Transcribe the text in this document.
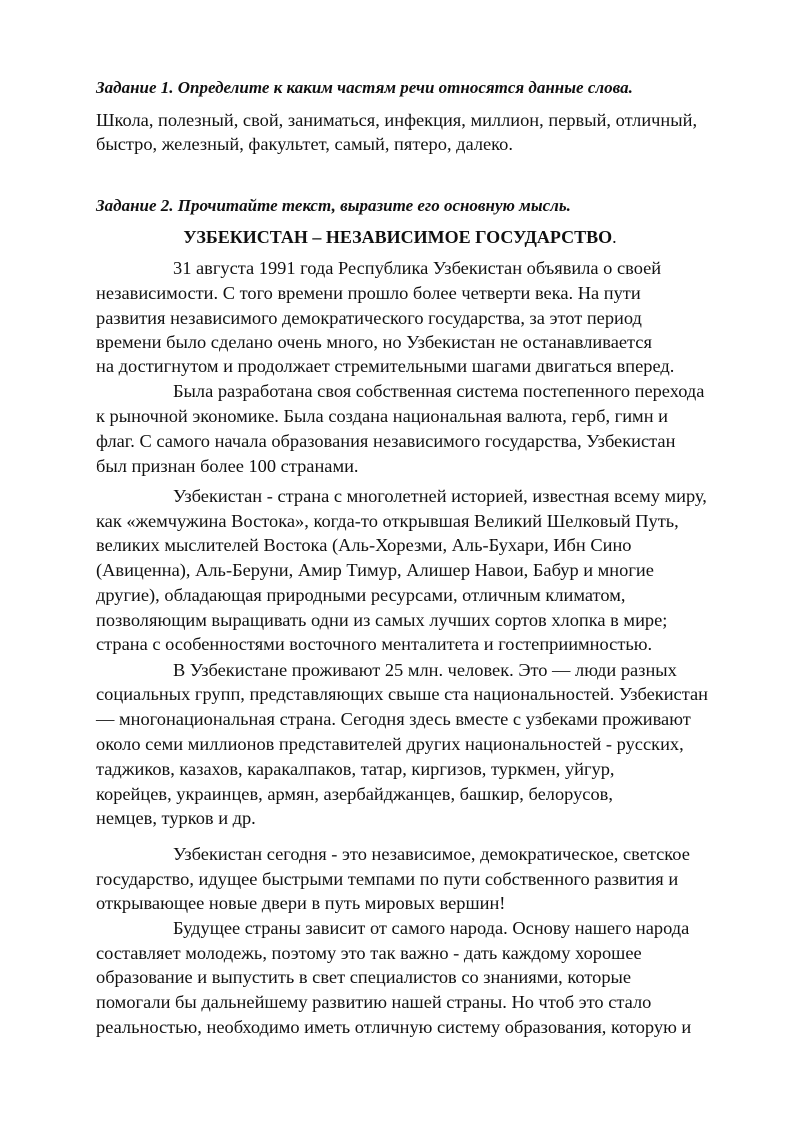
Задание 1. Определите к каким частям речи относятся данные слова.
Школа, полезный, свой, заниматься, инфекция, миллион, первый, отличный,
быстро, железный, факультет, самый, пятеро, далеко.
Задание 2. Прочитайте текст, выразите его основную мысль.
УЗБЕКИСТАН – НЕЗАВИСИМОЕ ГОСУДАРСТВО.
31 августа 1991 года Республика Узбекистан объявила о своей
независимости. С того времени прошло более четверти века. На пути
развития независимого демократического государства, за этот период
времени было сделано очень много, но Узбекистан не останавливается
на достигнутом и продолжает стремительными шагами двигаться вперед.
Была разработана своя собственная система постепенного перехода
к рыночной экономике. Была создана национальная валюта, герб, гимн и
флаг. С самого начала образования независимого государства, Узбекистан
был признан более 100 странами.
Узбекистан - страна с многолетней историей, известная всему миру,
как «жемчужина Востока», когда-то открывшая Великий Шелковый Путь,
великих мыслителей Востока (Аль-Хорезми, Аль-Бухари, Ибн Сино
(Авиценна), Аль-Беруни, Амир Тимур, Алишер Навои, Бабур и многие
другие), обладающая природными ресурсами, отличным климатом,
позволяющим выращивать одни из самых лучших сортов хлопка в мире;
страна с особенностями восточного менталитета и гостеприимностью.
В Узбекистане проживают 25 млн. человек. Это — люди разных
социальных групп, представляющих свыше ста национальностей. Узбекистан
— многонациональная страна. Сегодня здесь вместе с узбеками проживают
около семи миллионов представителей других национальностей - русских,
таджиков, казахов, каракалпаков, татар, киргизов, туркмен, уйгур,
корейцев, украинцев, армян, азербайджанцев, башкир, белорусов,
немцев, турков и др.
Узбекистан сегодня - это независимое, демократическое, светское
государство, идущее быстрыми темпами по пути собственного развития и
открывающее новые двери в путь мировых вершин!
Будущее страны зависит от самого народа. Основу нашего народа
составляет молодежь, поэтому это так важно - дать каждому хорошее
образование и выпустить в свет специалистов со знаниями, которые
помогали бы дальнейшему развитию нашей страны. Но чтоб это стало
реальностью, необходимо иметь отличную систему образования, которую и
